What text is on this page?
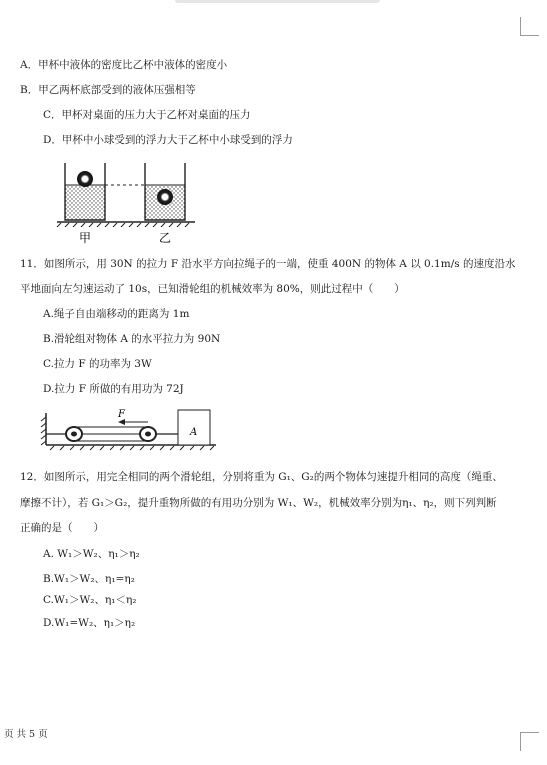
A．甲杯中液体的密度比乙杯中液体的密度小
B．甲乙两杯底部受到的液体压强相等
C．甲杯对桌面的压力大于乙杯对桌面的压力
D．甲杯中小球受到的浮力大于乙杯中小球受到的浮力
甲	乙
11．如图所示，用 30N 的拉力 F 沿水平方向拉绳子的一端，使重 400N 的物体 A 以 0.1m/s 的速度沿水
平地面向左匀速运动了 10s，已知滑轮组的机械效率为 80%，则此过程中（　　）
A.绳子自由端移动的距离为 1m
B.滑轮组对物体 A 的水平拉力为 90N
C.拉力 F 的功率为 3W
D.拉力 F 所做的有用功为 72J
F
A
12．如图所示，用完全相同的两个滑轮组，分别将重为 G₁、G₂的两个物体匀速提升相同的高度（绳重、
摩擦不计），若 G₁＞G₂，提升重物所做的有用功分别为 W₁、W₂，机械效率分别为η₁、η₂，则下列判断
正确的是（　　）
A. W₁＞W₂、η₁＞η₂
B.W₁＞W₂、η₁=η₂
C.W₁＞W₂、η₁＜η₂
D.W₁=W₂、η₁＞η₂
页 共 5 页
